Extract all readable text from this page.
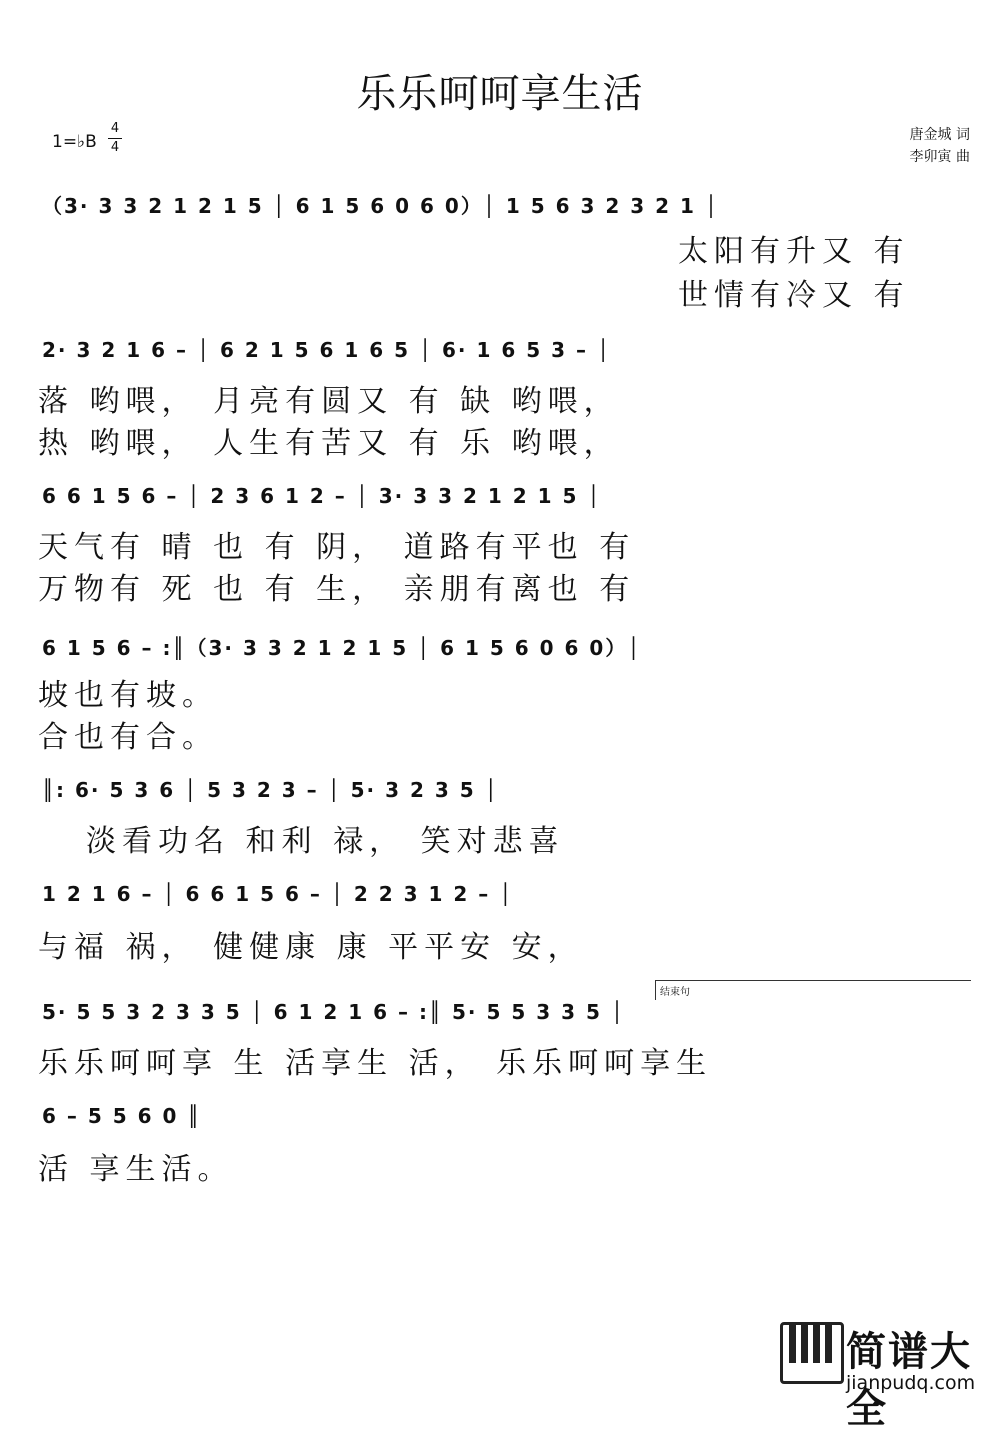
乐乐呵呵享生活
1=♭B
4
4
唐金城 词
李卯寅 曲
（3· 3 3 2 1 2 1 5 │ 6 1 5 6 0 6 0）│ 1 5 6 3 2 3 2 1 │
太阳有升又 有
世情有冷又 有
2· 3 2 1 6 – │ 6 2 1 5 6 1 6 5 │ 6· 1 6 5 3 – │
落 哟喂， 月亮有圆又 有 缺 哟喂，
热 哟喂， 人生有苦又 有 乐 哟喂，
6 6 1 5 6 – │ 2 3 6 1 2 – │ 3· 3 3 2 1 2 1 5 │
天气有 晴 也 有 阴， 道路有平也 有
万物有 死 也 有 生， 亲朋有离也 有
6 1 5 6 – :║（3· 3 3 2 1 2 1 5 │ 6 1 5 6 0 6 0）│
坡也有坡。
合也有合。
║: 6· 5 3 6 │ 5 3 2 3 – │ 5· 3 2 3 5 │
淡看功名 和利 禄， 笑对悲喜
1 2 1 6 – │ 6 6 1 5 6 – │ 2 2 3 1 2 – │
与福 祸， 健健康 康 平平安 安，
结束句
5· 5 5 3 2 3 3 5 │ 6 1 2 1 6 – :║ 5· 5 5 3 3 5 │
乐乐呵呵享 生 活享生 活， 乐乐呵呵享生
6 – 5 5 6 0 ║
活 享生活。
简谱大全
jianpudq.com
